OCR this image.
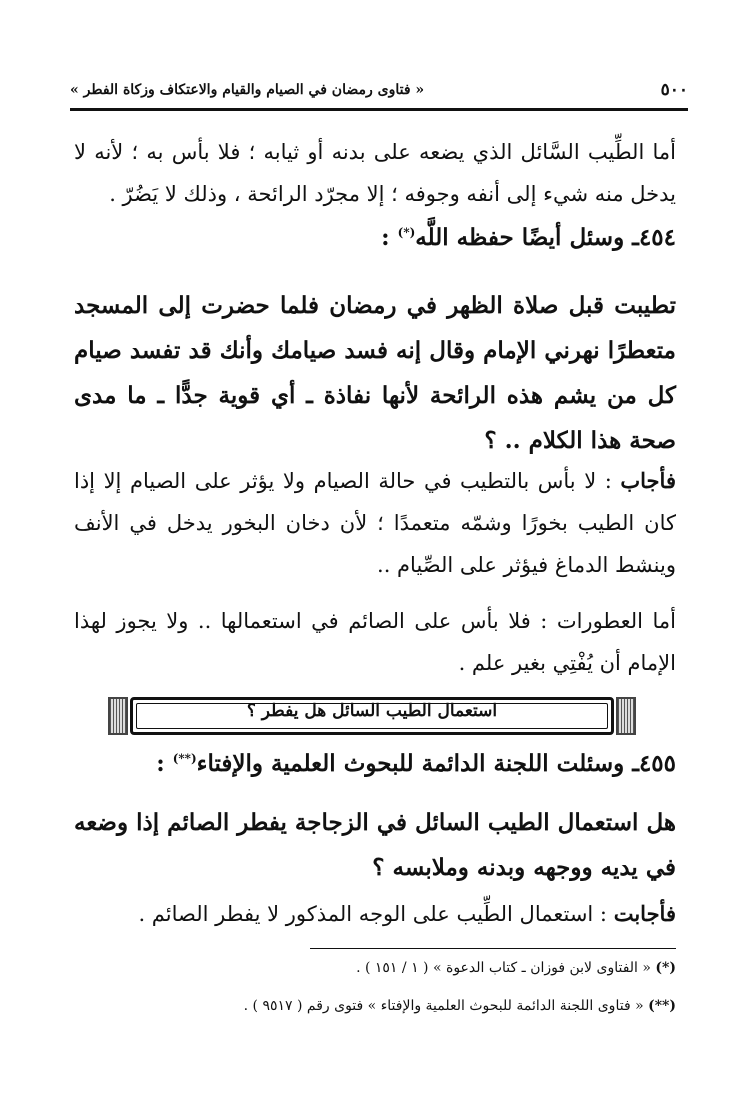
٥٠٠
« فتاوى رمضان في الصيام والقيام والاعتكاف وزكاة الفطر »
أما الطِّيب السَّائل الذي يضعه على بدنه أو ثيابه ؛ فلا بأس به ؛ لأنه لا يدخل منه شيء إلى أنفه وجوفه ؛ إلا مجرّد الرائحة ، وذلك لا يَضُرّ .
٤٥٤ـ وسئل أيضًا حفظه اللَّه(*) :
تطيبت قبل صلاة الظهر في رمضان فلما حضرت إلى المسجد متعطرًا نهرني الإمام وقال إنه فسد صيامك وأنك قد تفسد صيام كل من يشم هذه الرائحة لأنها نفاذة ـ أي قوية جدًّا ـ ما مدى صحة هذا الكلام .. ؟
فأجاب : لا بأس بالتطيب في حالة الصيام ولا يؤثر على الصيام إلا إذا كان الطيب بخورًا وشمّه متعمدًا ؛ لأن دخان البخور يدخل في الأنف وينشط الدماغ فيؤثر على الصِّيام ..
أما العطورات : فلا بأس على الصائم في استعمالها .. ولا يجوز لهذا الإمام أن يُفْتِي بغير علم .
استعمال الطيب السائل هل يفطر ؟
٤٥٥ـ وسئلت اللجنة الدائمة للبحوث العلمية والإفتاء(**) :
هل استعمال الطيب السائل في الزجاجة يفطر الصائم إذا وضعه في يديه ووجهه وبدنه وملابسه ؟
فأجابت : استعمال الطِّيب على الوجه المذكور لا يفطر الصائم .
(*) « الفتاوى لابن فوزان ـ كتاب الدعوة » ( ١ / ١٥١ ) .
(**) « فتاوى اللجنة الدائمة للبحوث العلمية والإفتاء » فتوى رقم ( ٩٥١٧ ) .
